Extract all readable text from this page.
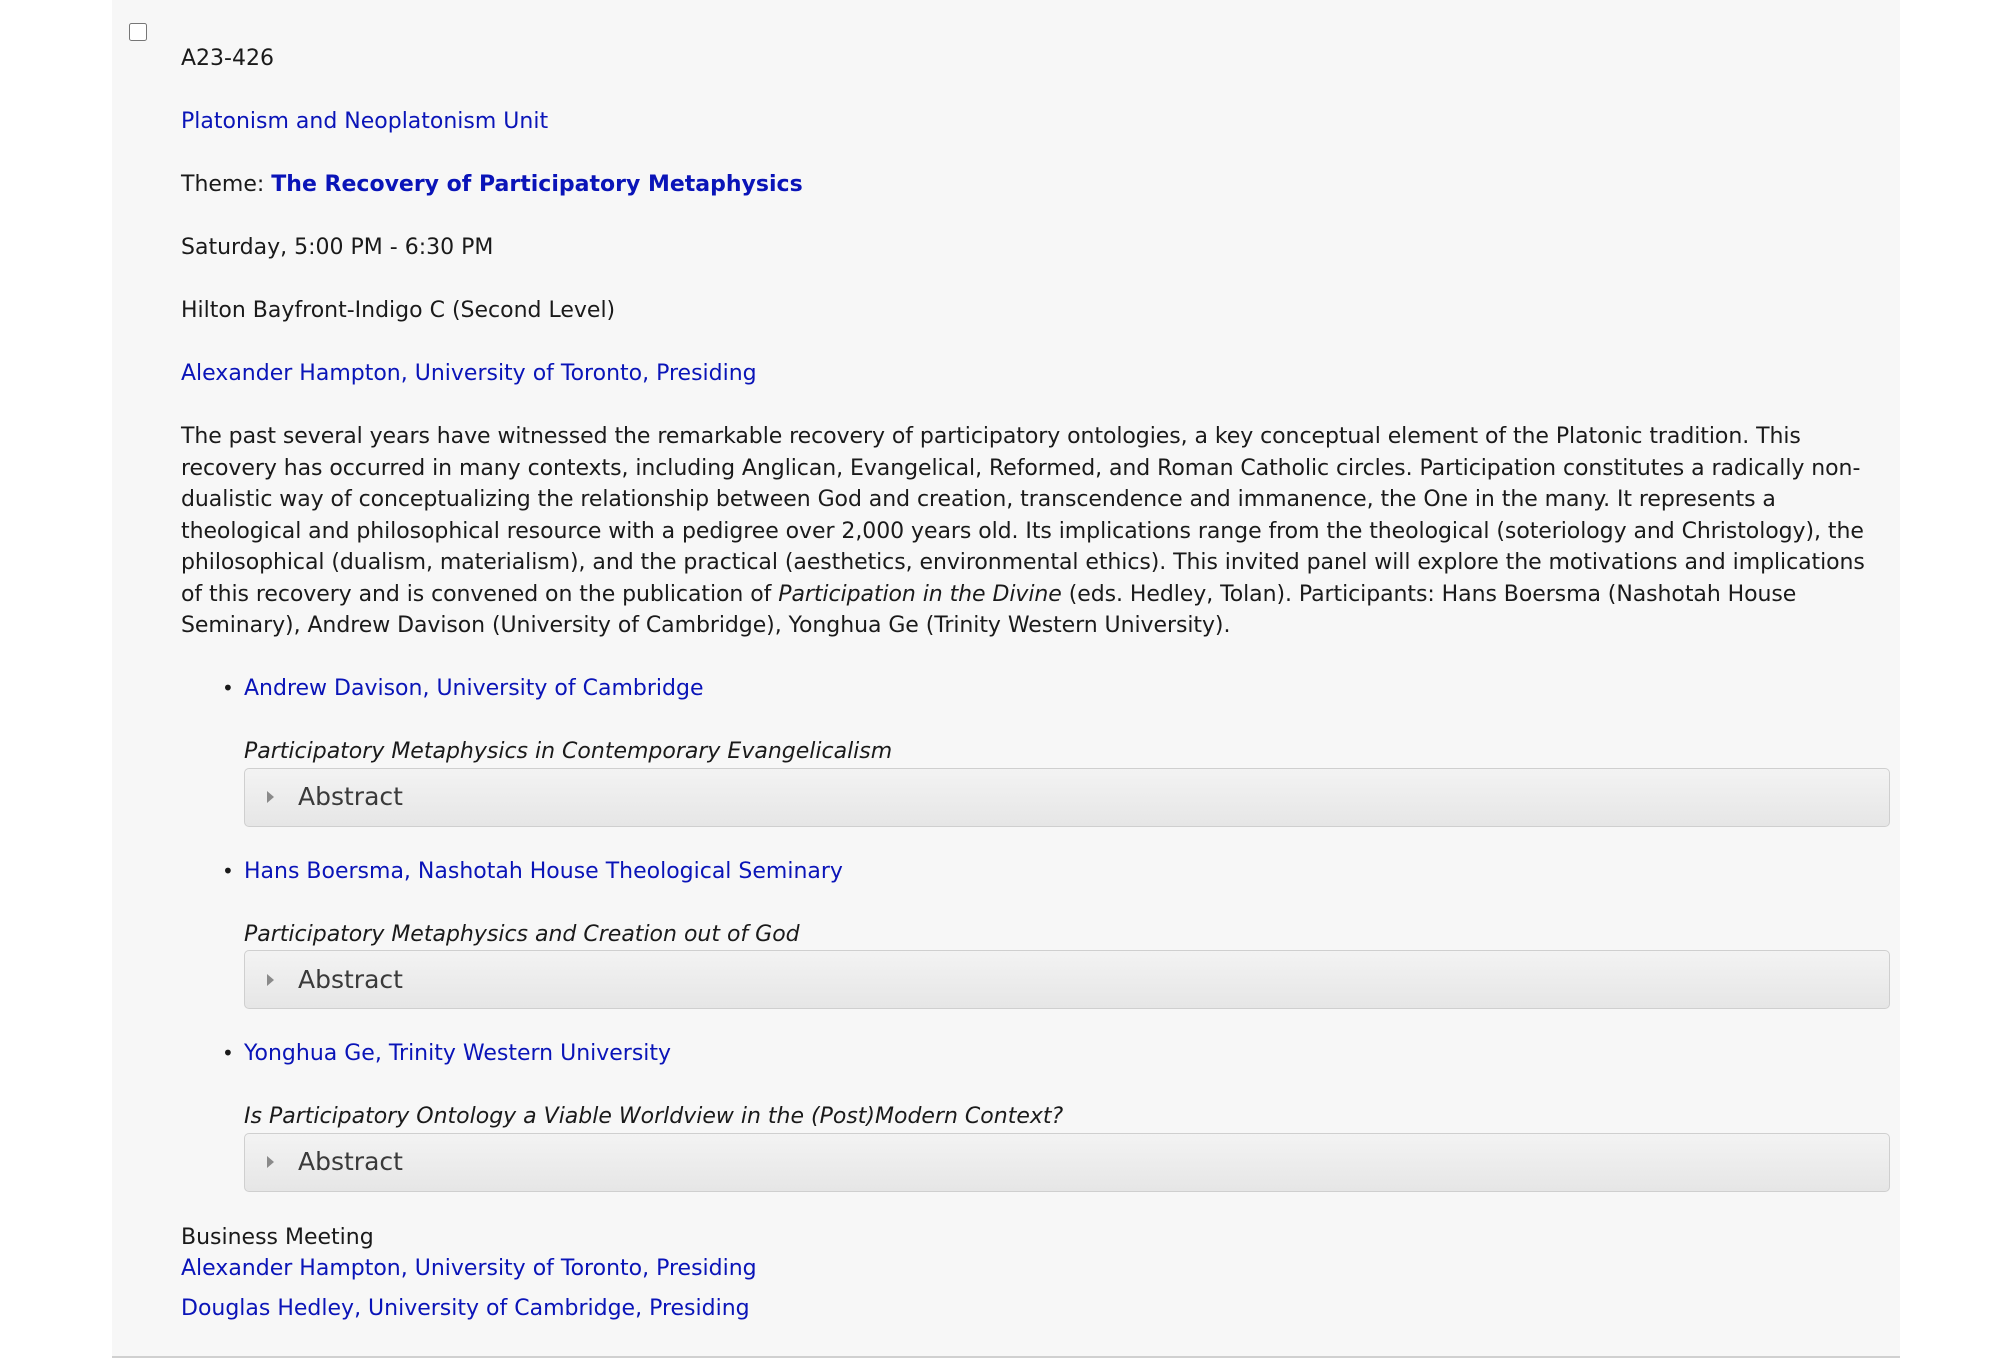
A23-426

Platonism and Neoplatonism Unit

Theme: The Recovery of Participatory Metaphysics

Saturday, 5:00 PM - 6:30 PM

Hilton Bayfront-Indigo C (Second Level)

Alexander Hampton, University of Toronto, Presiding

The past several years have witnessed the remarkable recovery of participatory ontologies, a key conceptual element of the Platonic tradition. This recovery has occurred in many contexts, including Anglican, Evangelical, Reformed, and Roman Catholic circles. Participation constitutes a radically non-dualistic way of conceptualizing the relationship between God and creation, transcendence and immanence, the One in the many. It represents a theological and philosophical resource with a pedigree over 2,000 years old. Its implications range from the theological (soteriology and Christology), the philosophical (dualism, materialism), and the practical (aesthetics, environmental ethics). This invited panel will explore the motivations and implications of this recovery and is convened on the publication of Participation in the Divine (eds. Hedley, Tolan). Participants: Hans Boersma (Nashotah House Seminary), Andrew Davison (University of Cambridge), Yonghua Ge (Trinity Western University).

• Andrew Davison, University of Cambridge

Participatory Metaphysics in Contemporary Evangelicalism

Abstract
• Hans Boersma, Nashotah House Theological Seminary

Participatory Metaphysics and Creation out of God

Abstract
• Yonghua Ge, Trinity Western University

Is Participatory Ontology a Viable Worldview in the (Post)Modern Context?

Abstract

Business Meeting

Alexander Hampton, University of Toronto, Presiding

Douglas Hedley, University of Cambridge, Presiding
